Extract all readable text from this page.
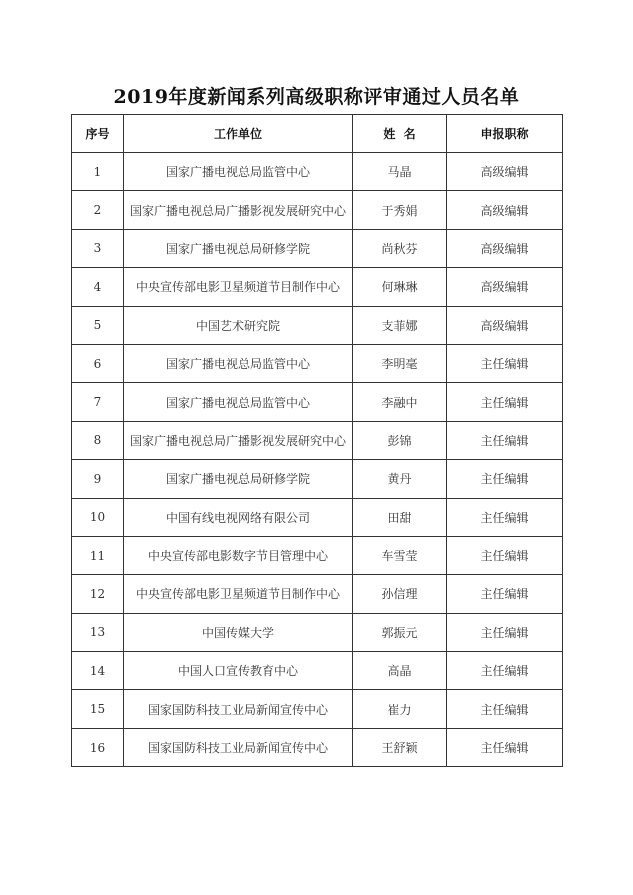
2019年度新闻系列高级职称评审通过人员名单
序号	工作单位	姓  名	申报职称
1	国家广播电视总局监管中心	马晶	高级编辑
2	国家广播电视总局广播影视发展研究中心	于秀娟	高级编辑
3	国家广播电视总局研修学院	尚秋芬	高级编辑
4	中央宣传部电影卫星频道节目制作中心	何琳琳	高级编辑
5	中国艺术研究院	支菲娜	高级编辑
6	国家广播电视总局监管中心	李明毫	主任编辑
7	国家广播电视总局监管中心	李融中	主任编辑
8	国家广播电视总局广播影视发展研究中心	彭锦	主任编辑
9	国家广播电视总局研修学院	黄丹	主任编辑
10	中国有线电视网络有限公司	田甜	主任编辑
11	中央宣传部电影数字节目管理中心	车雪莹	主任编辑
12	中央宣传部电影卫星频道节目制作中心	孙信理	主任编辑
13	中国传媒大学	郭振元	主任编辑
14	中国人口宣传教育中心	高晶	主任编辑
15	国家国防科技工业局新闻宣传中心	崔力	主任编辑
16	国家国防科技工业局新闻宣传中心	王舒颖	主任编辑
